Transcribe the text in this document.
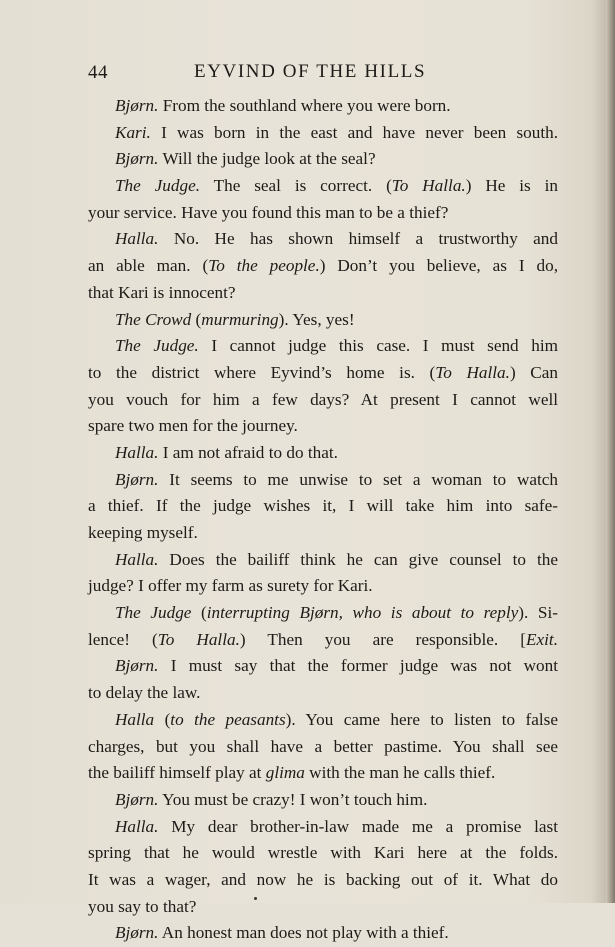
44	EYVIND OF THE HILLS
Bjørn. From the southland where you were born.
Kari. I was born in the east and have never been south.
Bjørn. Will the judge look at the seal?
The Judge. The seal is correct. (To Halla.) He is in
your service. Have you found this man to be a thief?
Halla. No. He has shown himself a trustworthy and
an able man. (To the people.) Don’t you believe, as I do,
that Kari is innocent?
The Crowd (murmuring). Yes, yes!
The Judge. I cannot judge this case. I must send him
to the district where Eyvind’s home is. (To Halla.) Can
you vouch for him a few days? At present I cannot well
spare two men for the journey.
Halla. I am not afraid to do that.
Bjørn. It seems to me unwise to set a woman to watch
a thief. If the judge wishes it, I will take him into safe-
keeping myself.
Halla. Does the bailiff think he can give counsel to the
judge? I offer my farm as surety for Kari.
The Judge (interrupting Bjørn, who is about to reply). Si-
lence! (To Halla.) Then you are responsible. [Exit.
Bjørn. I must say that the former judge was not wont
to delay the law.
Halla (to the peasants). You came here to listen to false
charges, but you shall have a better pastime. You shall see
the bailiff himself play at glima with the man he calls thief.
Bjørn. You must be crazy! I won’t touch him.
Halla. My dear brother-in-law made me a promise last
spring that he would wrestle with Kari here at the folds.
It was a wager, and now he is backing out of it. What do
you say to that?
Bjørn. An honest man does not play with a thief.
